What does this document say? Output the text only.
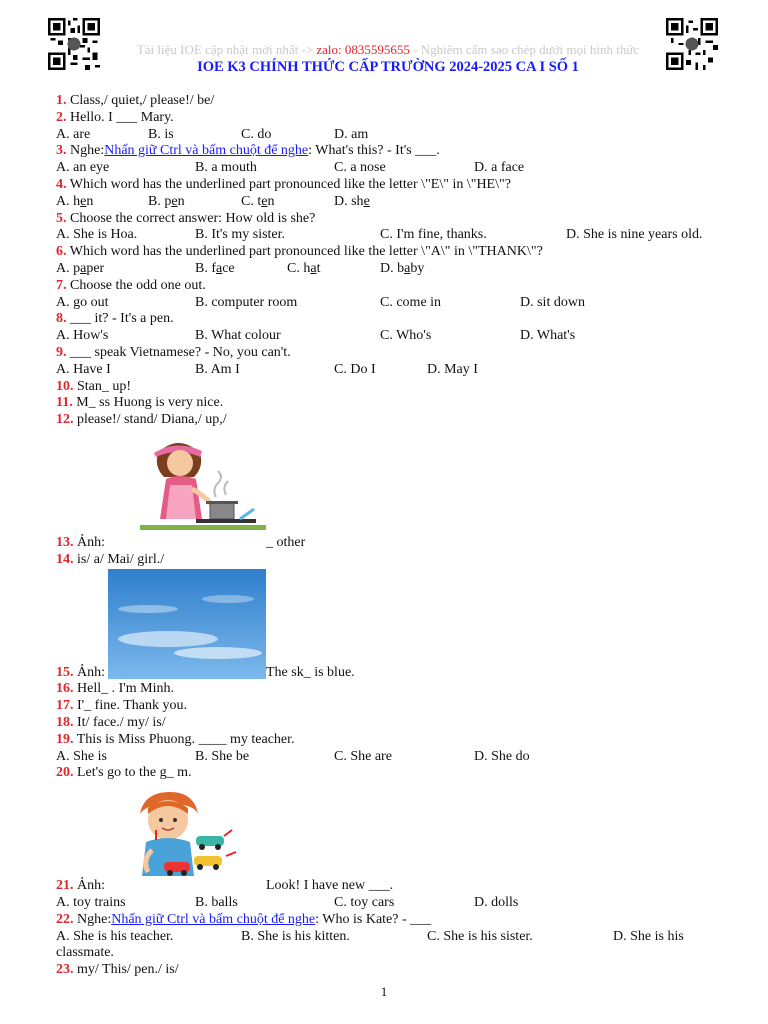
Tài liệu IOE cập nhật mới nhất -> zalo: 0835595655 - Nghiêm cấm sao chép dưới mọi hình thức
IOE K3 CHÍNH THỨC CẤP TRƯỜNG 2024-2025 CA I SỐ 1
1. Class,/ quiet,/ please!/ be/
2. Hello. I ___ Mary.
A. are	B. is	C. do	D. am
3. Nghe:Nhấn giữ Ctrl và bấm chuột để nghe: What's this? - It's ___.
A. an eye	B. a mouth	C. a nose	D. a face
4. Which word has the underlined part pronounced like the letter \"E\" in \"HE\"?
A. hen	B. pen	C. ten	D. she
5. Choose the correct answer: How old is she?
A. She is Hoa.	B. It's my sister.	C. I'm fine, thanks.	D. She is nine years old.
6. Which word has the underlined part pronounced like the letter \"A\" in \"THANK\"?
A. paper	B. face	C. hat	D. baby
7. Choose the odd one out.
A. go out	B. computer room	C. come in	D. sit down
8. ___ it? - It's a pen.
A. How's	B. What colour	C. Who's	D. What's
9. ___ speak Vietnamese? - No, you can't.
A. Have I	B. Am I	C. Do I	D. May I
10. Stan_ up!
11. M_ ss Huong is very nice.
12. please!/ stand/ Diana,/ up,/
13. Ảnh:	_ other
14. is/ a/ Mai/ girl./
15. Ảnh:	The sk_ is blue.
16. Hell_ . I'm Minh.
17. I'_ fine. Thank you.
18. It/ face./ my/ is/
19. This is Miss Phuong. ____ my teacher.
A. She is	B. She be	C. She are	D. She do
20. Let's go to the g_ m.
21. Ảnh:	Look! I have new ___.
A. toy trains	B. balls	C. toy cars	D. dolls
22. Nghe:Nhấn giữ Ctrl và bấm chuột để nghe: Who is Kate? - ___
A. She is his teacher.	B. She is his kitten.	C. She is his sister.	D. She is his
classmate.
23. my/ This/ pen./ is/
1
